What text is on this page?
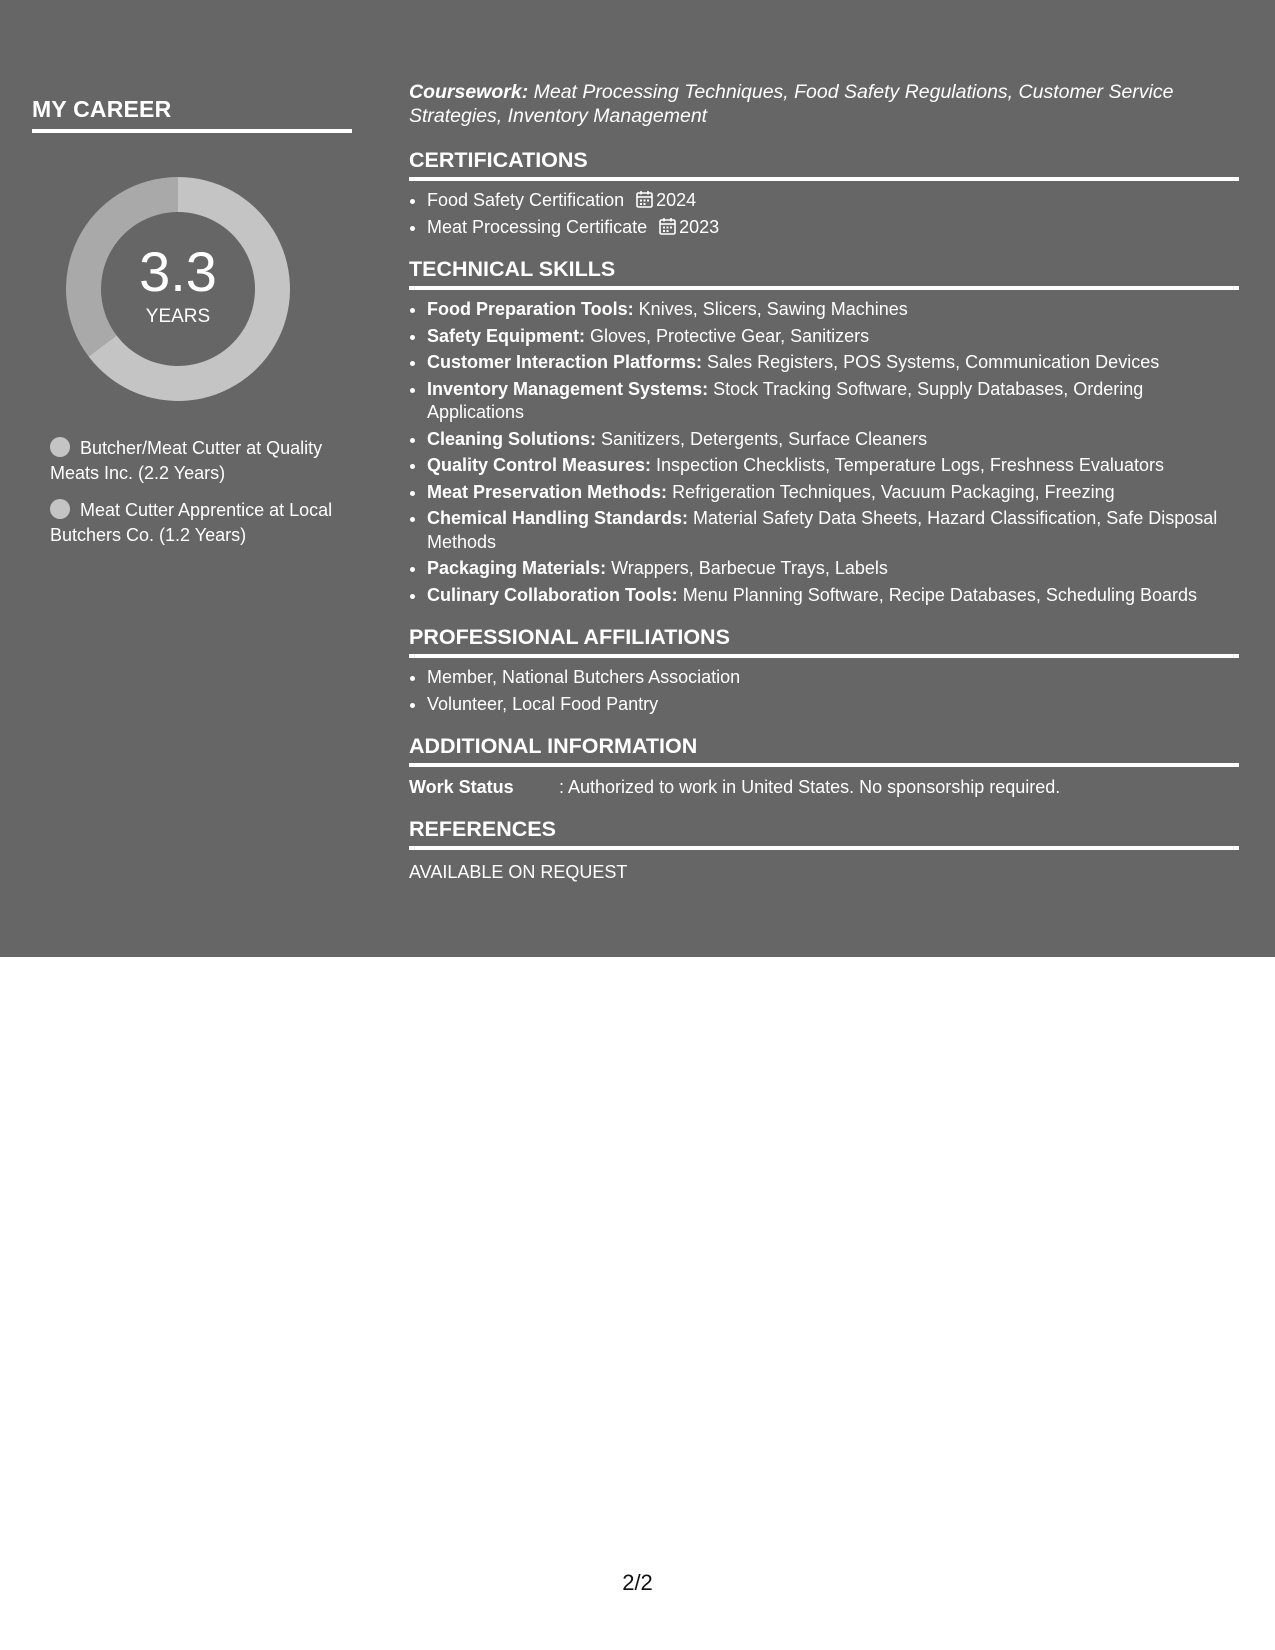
MY CAREER
3.3
YEARS
Butcher/Meat Cutter at Quality Meats Inc. (2.2 Years)
Meat Cutter Apprentice at Local Butchers Co. (1.2 Years)

Coursework: Meat Processing Techniques, Food Safety Regulations, Customer Service Strategies, Inventory Management

CERTIFICATIONS
• Food Safety Certification 2024
• Meat Processing Certificate 2023
TECHNICAL SKILLS
• Food Preparation Tools: Knives, Slicers, Sawing Machines
• Safety Equipment: Gloves, Protective Gear, Sanitizers
• Customer Interaction Platforms: Sales Registers, POS Systems, Communication Devices
• Inventory Management Systems: Stock Tracking Software, Supply Databases, Ordering Applications
• Cleaning Solutions: Sanitizers, Detergents, Surface Cleaners
• Quality Control Measures: Inspection Checklists, Temperature Logs, Freshness Evaluators
• Meat Preservation Methods: Refrigeration Techniques, Vacuum Packaging, Freezing
• Chemical Handling Standards: Material Safety Data Sheets, Hazard Classification, Safe Disposal Methods
• Packaging Materials: Wrappers, Barbecue Trays, Labels
• Culinary Collaboration Tools: Menu Planning Software, Recipe Databases, Scheduling Boards
PROFESSIONAL AFFILIATIONS
• Member, National Butchers Association
• Volunteer, Local Food Pantry
ADDITIONAL INFORMATION
Work Status	: Authorized to work in United States. No sponsorship required.
REFERENCES
AVAILABLE ON REQUEST
2/2
